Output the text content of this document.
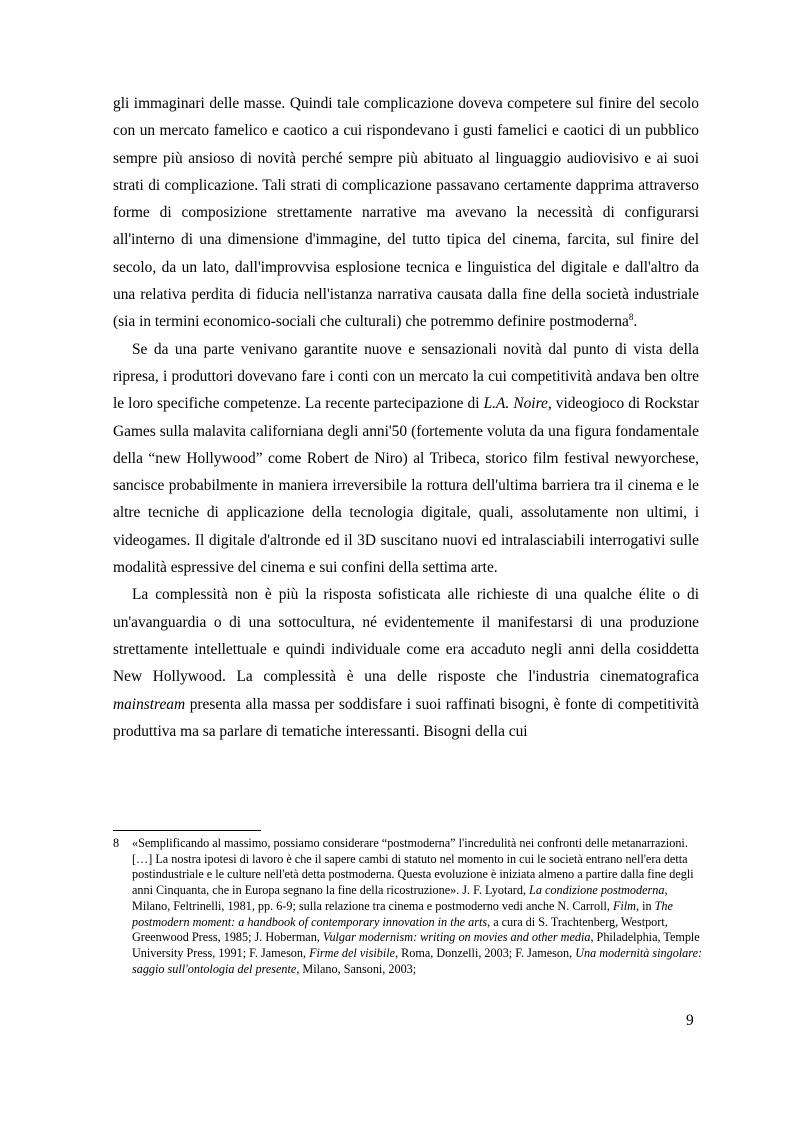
gli immaginari delle masse. Quindi tale complicazione doveva competere sul finire del secolo con un mercato famelico e caotico a cui rispondevano i gusti famelici e caotici di un pubblico sempre più ansioso di novità perché sempre più abituato al linguaggio audiovisivo e ai suoi strati di complicazione. Tali strati di complicazione passavano certamente dapprima attraverso forme di composizione strettamente narrative ma avevano la necessità di configurarsi all'interno di una dimensione d'immagine, del tutto tipica del cinema, farcita, sul finire del secolo, da un lato, dall'improvvisa esplosione tecnica e linguistica del digitale e dall'altro da una relativa perdita di fiducia nell'istanza narrativa causata dalla fine della società industriale (sia in termini economico-sociali che culturali) che potremmo definire postmoderna$^8$.

Se da una parte venivano garantite nuove e sensazionali novità dal punto di vista della ripresa, i produttori dovevano fare i conti con un mercato la cui competitività andava ben oltre le loro specifiche competenze. La recente partecipazione di L.A. Noire, videogioco di Rockstar Games sulla malavita californiana degli anni'50 (fortemente voluta da una figura fondamentale della “new Hollywood” come Robert de Niro) al Tribeca, storico film festival newyorchese, sancisce probabilmente in maniera irreversibile la rottura dell'ultima barriera tra il cinema e le altre tecniche di applicazione della tecnologia digitale, quali, assolutamente non ultimi, i videogames. Il digitale d'altronde ed il 3D suscitano nuovi ed intralasciabili interrogativi sulle modalità espressive del cinema e sui confini della settima arte.

La complessità non è più la risposta sofisticata alle richieste di una qualche élite o di un'avanguardia o di una sottocultura, né evidentemente il manifestarsi di una produzione strettamente intellettuale e quindi individuale come era accaduto negli anni della cosiddetta New Hollywood. La complessità è una delle risposte che l'industria cinematografica mainstream presenta alla massa per soddisfare i suoi raffinati bisogni, è fonte di competitività produttiva ma sa parlare di tematiche interessanti. Bisogni della cui

8 «Semplificando al massimo, possiamo considerare “postmoderna” l'incredulità nei confronti delle metanarrazioni. […] La nostra ipotesi di lavoro è che il sapere cambi di statuto nel momento in cui le società entrano nell'era detta postindustriale e le culture nell'età detta postmoderna. Questa evoluzione è iniziata almeno a partire dalla fine degli anni Cinquanta, che in Europa segnano la fine della ricostruzione». J. F. Lyotard, La condizione postmoderna, Milano, Feltrinelli, 1981, pp. 6-9; sulla relazione tra cinema e postmoderno vedi anche N. Carroll, Film, in The postmodern moment: a handbook of contemporary innovation in the arts, a cura di S. Trachtenberg, Westport, Greenwood Press, 1985; J. Hoberman, Vulgar modernism: writing on movies and other media, Philadelphia, Temple University Press, 1991; F. Jameson, Firme del visibile, Roma, Donzelli, 2003; F. Jameson, Una modernità singolare: saggio sull'ontologia del presente, Milano, Sansoni, 2003;
9
